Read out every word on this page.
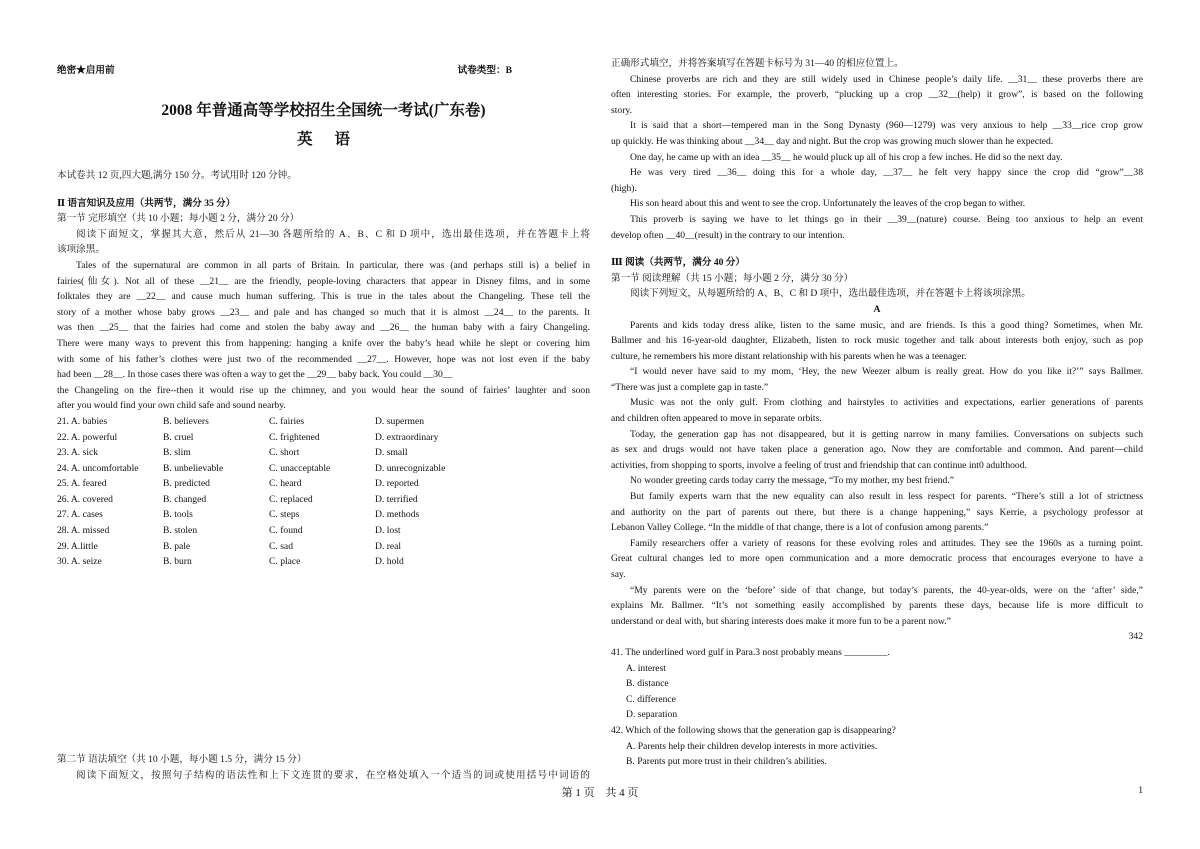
绝密★启用前	试卷类型：B
2008 年普通高等学校招生全国统一考试(广东卷)
英语
本试卷共 12 页,四大题,满分 150 分。考试用时 120 分钟。
Ⅱ 语言知识及应用（共两节，满分 35 分）
第一节 完形填空（共 10 小题；每小题 2 分，满分 20 分）
阅读下面短文，掌握其大意，然后从 21—30 各题所给的 A、B、C 和 D 项中，选出最佳选项，并在答题卡上将
该项涂黑。
Tales of the supernatural are common in all parts of Britain. In particular, there was (and perhaps still is) a belief in
fairies(仙女). Not all of these __21__ are the friendly, people-loving characters that appear in Disney films, and in some
folktales they are __22__ and cause much human suffering. This is true in the tales about the Changeling. These tell the
story of a mother whose baby grows __23__ and pale and has changed so much that it is almost __24__ to the parents. It
was then __25__ that the fairies had come and stolen the baby away and __26__ the human baby with a fairy Changeling.
There were many ways to prevent this from happening: hanging a knife over the baby’s head while he slept or covering him
with some of his father’s clothes were just two of the recommended __27__. However, hope was not lost even if the baby
had been __28__. In those cases there was often a way to get the __29__ baby back. You could __30__
the Changeling on the fire--then it would rise up the chimney, and you would hear the sound of fairies’ laughter and soon
after you would find your own child safe and sound nearby.
21. A. babies	B. believers	C. fairies	D. supermen
22. A. powerful	B. cruel	C. frightened	D. extraordinary
23. A. sick	B. slim	C. short	D. small
24. A. uncomfortable	B. unbelievable	C. unacceptable	D. unrecognizable
25. A. feared	B. predicted	C. heard	D. reported
26. A. covered	B. changed	C. replaced	D. terrified
27. A. cases	B. tools	C. steps	D. methods
28. A. missed	B. stolen	C. found	D. lost
29. A.little	B. pale	C. sad	D. real
30. A. seize	B. burn	C. place	D. hold
第二节 语法填空（共 10 小题，每小题 1.5 分，满分 15 分）
阅读下面短文，按照句子结构的语法性和上下文连贯的要求，在空格处填入一个适当的词或使用括号中词语的
正确形式填空，并将答案填写在答题卡标号为 31—40 的相应位置上。
Chinese proverbs are rich and they are still widely used in Chinese people’s daily life. __31__ these proverbs there are
often interesting stories. For example, the proverb, “plucking up a crop __32__(help) it grow”, is based on the following
story.
It is said that a short—tempered man in the Song Dynasty (960—1279) was very anxious to help __33__rice crop grow
up quickly. He was thinking about __34__ day and night. But the crop was growing much slower than he expected.
One day, he came up with an idea __35__ he would pluck up all of his crop a few inches. He did so the next day.
He was very tired __36__ doing this for a whole day, __37__ he felt very happy since the crop did “grow”__38
(high).
His son heard about this and went to see the crop. Unfortunately the leaves of the crop began to wither.
This proverb is saying we have to let things go in their __39__(nature) course. Being too anxious to help an event
develop often __40__(result) in the contrary to our intention.
Ⅲ 阅读（共两节，满分 40 分）
第一节 阅读理解（共 15 小题；每小题 2 分，满分 30 分）
阅读下列短文，从每题所给的 A、B、C 和 D 项中，选出最佳选项，并在答题卡上将该项涂黑。
A
Parents and kids today dress alike, listen to the same music, and are friends. Is this a good thing? Sometimes, when Mr.
Ballmer and his 16-year-old daughter, Elizabeth, listen to rock music together and talk about interests both enjoy, such as pop
culture, he remembers his more distant relationship with his parents when he was a teenager.
“I would never have said to my mom, ‘Hey, the new Weezer album is really great. How do you like it?’” says Ballmer.
“There was just a complete gap in taste.”
Music was not the only gulf. From clothing and hairstyles to activities and expectations, earlier generations of parents
and children often appeared to move in separate orbits.
Today, the generation gap has not disappeared, but it is getting narrow in many families. Conversations on subjects such
as sex and drugs would not have taken place a generation ago. Now they are comfortable and common. And parent—child
activities, from shopping to sports, involve a feeling of trust and friendship that can continue int0 adulthood.
No wonder greeting cards today carry the message, “To my mother, my best friend.”
But family experts warn that the new equality can also result in less respect for parents. “There’s still a lot of strictness
and authority on the part of parents out there, but there is a change happening,” says Kerrie, a psychology professor at
Lebanon Valley College. “In the middle of that change, there is a lot of confusion among parents.”
Family researchers offer a variety of reasons for these evolving roles and attitudes. They see the 1960s as a turning point.
Great cultural changes led to more open communication and a more democratic process that encourages everyone to have a
say.
“My parents were on the ‘before’ side of that change, but today’s parents, the 40-year-olds, were on the ‘after’ side,”
explains Mr. Ballmer. “It’s not something easily accomplished by parents these days, because life is more difficult to
understand or deal with, but sharing interests does make it more fun to be a parent now.”
342
41. The underlined word gulf in Para.3 nost probably means _________.
A. interest
B. distance
C. difference
D. separation
42. Which of the following shows that the generation gap is disappearing?
A. Parents help their children develop interests in more activities.
B. Parents put more trust in their children’s abilities.
第 1 页 共 4 页	1
